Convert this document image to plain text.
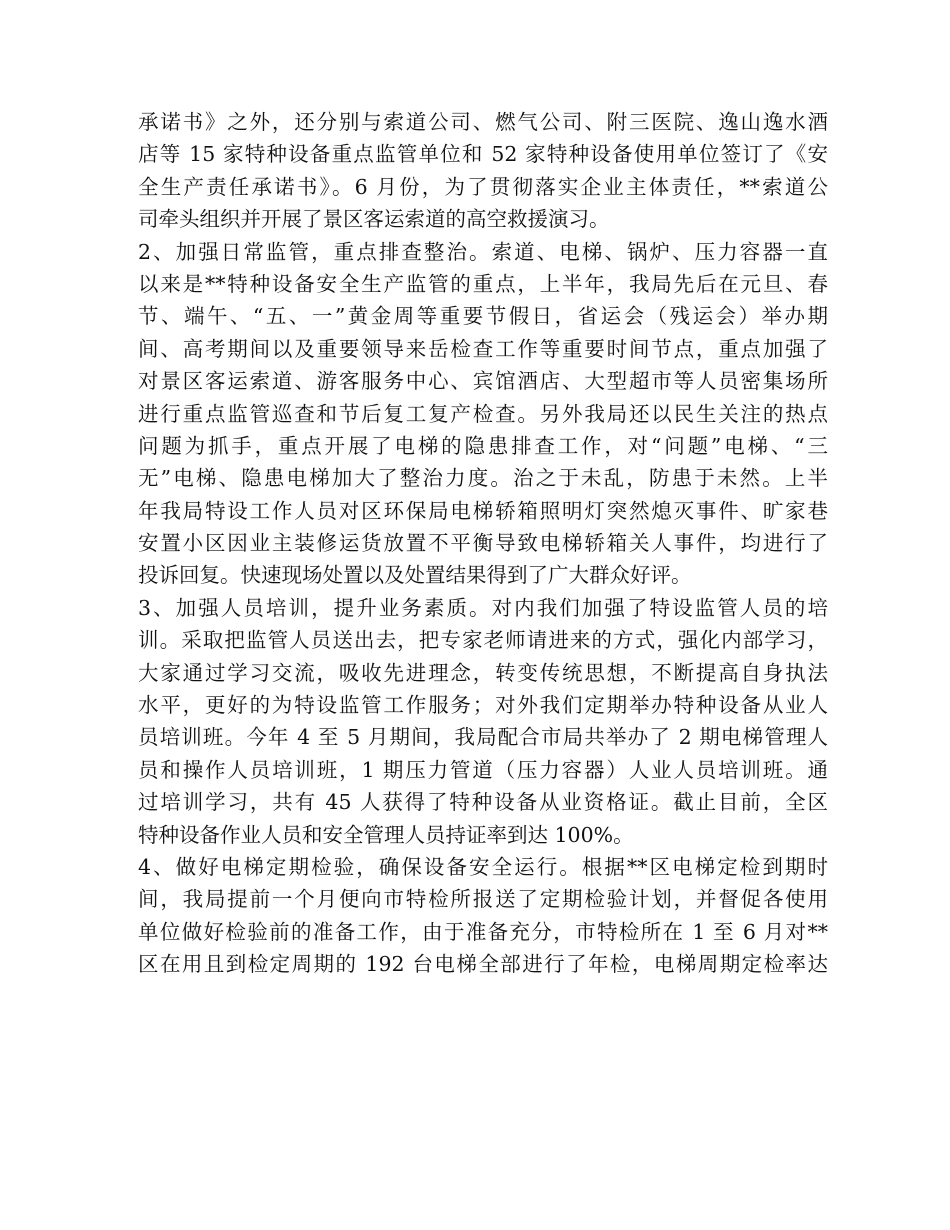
承诺书》之外，还分别与索道公司、燃气公司、附三医院、逸山逸水酒
店等 15 家特种设备重点监管单位和 52 家特种设备使用单位签订了《安
全生产责任承诺书》。6 月份，为了贯彻落实企业主体责任，**索道公
司牵头组织并开展了景区客运索道的高空救援演习。
2、加强日常监管，重点排查整治。索道、电梯、锅炉、压力容器一直
以来是**特种设备安全生产监管的重点，上半年，我局先后在元旦、春
节、端午、“五、一”黄金周等重要节假日，省运会（残运会）举办期
间、高考期间以及重要领导来岳检查工作等重要时间节点，重点加强了
对景区客运索道、游客服务中心、宾馆酒店、大型超市等人员密集场所
进行重点监管巡查和节后复工复产检查。另外我局还以民生关注的热点
问题为抓手，重点开展了电梯的隐患排查工作，对“问题”电梯、“三
无”电梯、隐患电梯加大了整治力度。治之于未乱，防患于未然。上半
年我局特设工作人员对区环保局电梯轿箱照明灯突然熄灭事件、旷家巷
安置小区因业主装修运货放置不平衡导致电梯轿箱关人事件，均进行了
投诉回复。快速现场处置以及处置结果得到了广大群众好评。
3、加强人员培训，提升业务素质。对内我们加强了特设监管人员的培
训。采取把监管人员送出去，把专家老师请进来的方式，强化内部学习，
大家通过学习交流，吸收先进理念，转变传统思想，不断提高自身执法
水平，更好的为特设监管工作服务；对外我们定期举办特种设备从业人
员培训班。今年 4 至 5 月期间，我局配合市局共举办了 2 期电梯管理人
员和操作人员培训班，1 期压力管道（压力容器）人业人员培训班。通
过培训学习，共有 45 人获得了特种设备从业资格证。截止目前，全区
特种设备作业人员和安全管理人员持证率到达 100%。
4、做好电梯定期检验，确保设备安全运行。根据**区电梯定检到期时
间，我局提前一个月便向市特检所报送了定期检验计划，并督促各使用
单位做好检验前的准备工作，由于准备充分，市特检所在 1 至 6 月对**
区在用且到检定周期的 192 台电梯全部进行了年检，电梯周期定检率达
